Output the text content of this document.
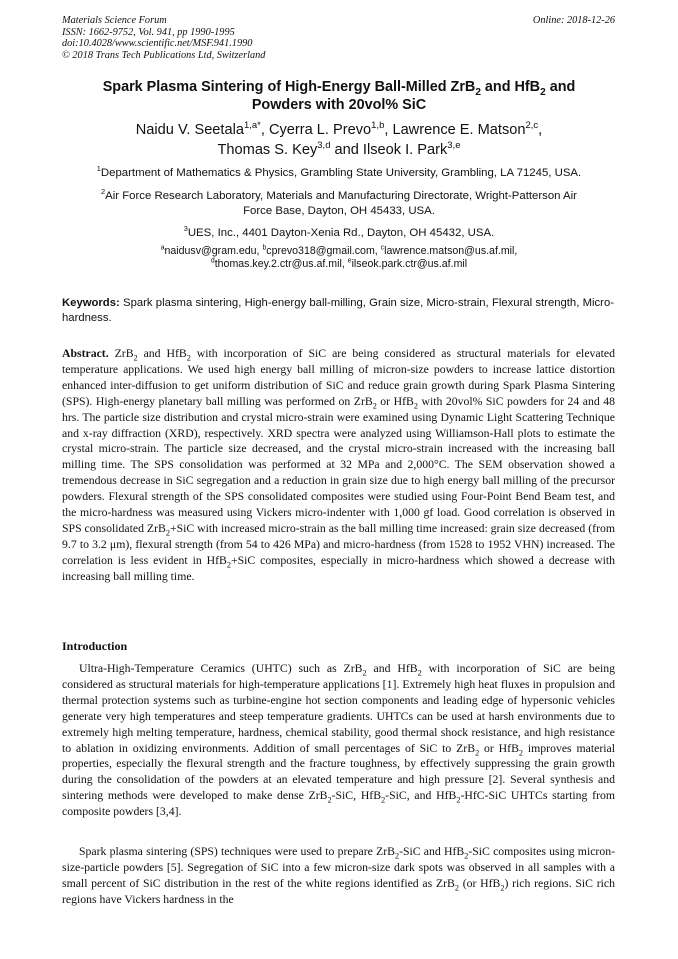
Materials Science Forum
ISSN: 1662-9752, Vol. 941, pp 1990-1995
doi:10.4028/www.scientific.net/MSF.941.1990
© 2018 Trans Tech Publications Ltd, Switzerland
Online: 2018-12-26
Spark Plasma Sintering of High-Energy Ball-Milled ZrB$_2$ and HfB$_2$ and
Powders with 20vol% SiC
Naidu V. Seetala$^{1,a*}$, Cyerra L. Prevo$^{1,b}$, Lawrence E. Matson$^{2,c}$,
Thomas S. Key$^{3,d}$ and Ilseok I. Park$^{3,e}$
$^1$Department of Mathematics & Physics, Grambling State University, Grambling, LA 71245, USA.
$^2$Air Force Research Laboratory, Materials and Manufacturing Directorate, Wright-Patterson Air
Force Base, Dayton, OH 45433, USA.
$^3$UES, Inc., 4401 Dayton-Xenia Rd., Dayton, OH 45432, USA.
$^a$naidusv@gram.edu, $^b$cprevo318@gmail.com, $^c$lawrence.matson@us.af.mil,
$^d$thomas.key.2.ctr@us.af.mil, $^e$ilseok.park.ctr@us.af.mil
Keywords: Spark plasma sintering, High-energy ball-milling, Grain size, Micro-strain, Flexural strength, Micro-hardness.
Abstract. ZrB$_2$ and HfB$_2$ with incorporation of SiC are being considered as structural materials for elevated temperature applications. We used high energy ball milling of micron-size powders to increase lattice distortion enhanced inter-diffusion to get uniform distribution of SiC and reduce grain growth during Spark Plasma Sintering (SPS). High-energy planetary ball milling was performed on ZrB$_2$ or HfB$_2$ with 20vol% SiC powders for 24 and 48 hrs. The particle size distribution and crystal micro-strain were examined using Dynamic Light Scattering Technique and x-ray diffraction (XRD), respectively. XRD spectra were analyzed using Williamson-Hall plots to estimate the crystal micro-strain. The particle size decreased, and the crystal micro-strain increased with the increasing ball milling time. The SPS consolidation was performed at 32 MPa and 2,000°C. The SEM observation showed a tremendous decrease in SiC segregation and a reduction in grain size due to high energy ball milling of the precursor powders. Flexural strength of the SPS consolidated composites were studied using Four-Point Bend Beam test, and the micro-hardness was measured using Vickers micro-indenter with 1,000 gf load. Good correlation is observed in SPS consolidated ZrB$_2$+SiC with increased micro-strain as the ball milling time increased: grain size decreased (from 9.7 to 3.2 μm), flexural strength (from 54 to 426 MPa) and micro-hardness (from 1528 to 1952 VHN) increased. The correlation is less evident in HfB$_2$+SiC composites, especially in micro-hardness which showed a decrease with increasing ball milling time.
Introduction
Ultra-High-Temperature Ceramics (UHTC) such as ZrB$_2$ and HfB$_2$ with incorporation of SiC are being considered as structural materials for high-temperature applications [1]. Extremely high heat fluxes in propulsion and thermal protection systems such as turbine-engine hot section components and leading edge of hypersonic vehicles generate very high temperatures and steep temperature gradients. UHTCs can be used at harsh environments due to extremely high melting temperature, hardness, chemical stability, good thermal shock resistance, and high resistance to ablation in oxidizing environments. Addition of small percentages of SiC to ZrB$_2$ or HfB$_2$ improves material properties, especially the flexural strength and the fracture toughness, by effectively suppressing the grain growth during the consolidation of the powders at an elevated temperature and high pressure [2]. Several synthesis and sintering methods were developed to make dense ZrB$_2$-SiC, HfB$_2$-SiC, and HfB$_2$-HfC-SiC UHTCs starting from composite powders [3,4].
Spark plasma sintering (SPS) techniques were used to prepare ZrB$_2$-SiC and HfB$_2$-SiC composites using micron-size-particle powders [5]. Segregation of SiC into a few micron-size dark spots was observed in all samples with a small percent of SiC distribution in the rest of the white regions identified as ZrB$_2$ (or HfB$_2$) rich regions. SiC rich regions have Vickers hardness in the
